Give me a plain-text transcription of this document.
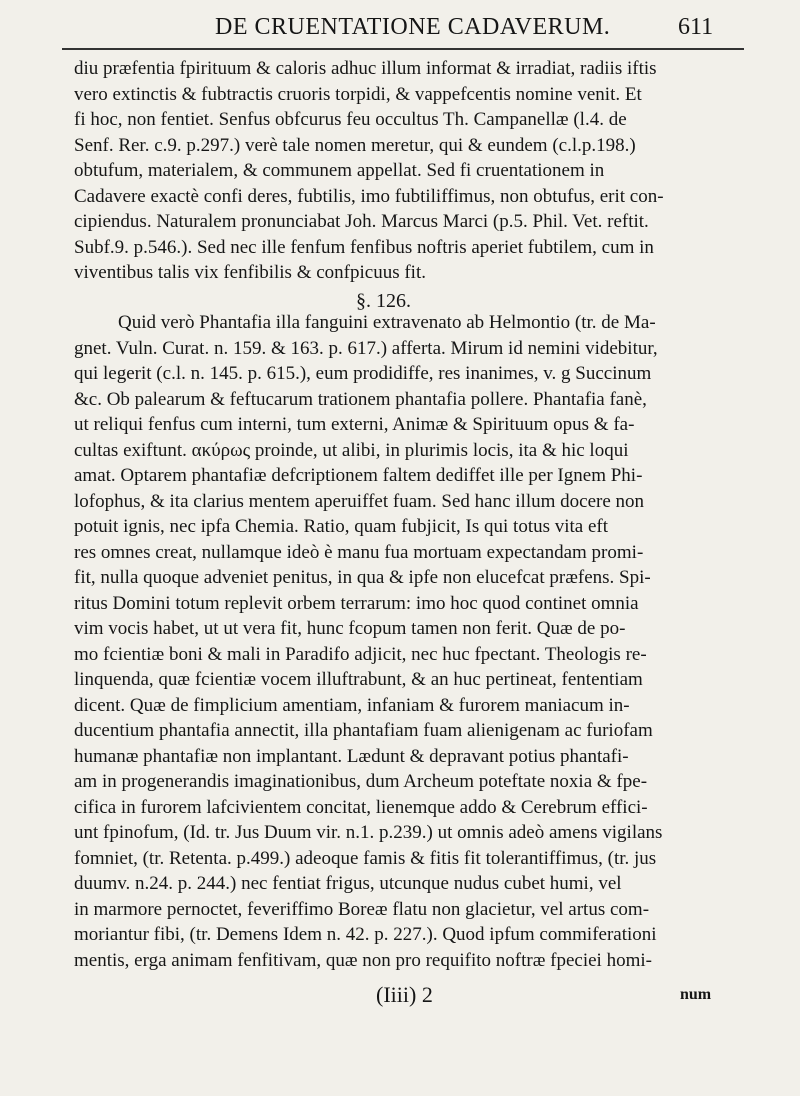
DE CRUENTATIONE CADAVERUM.	611
diu præfentia fpirituum & caloris adhuc illum informat & irradiat, radiis iftis
vero extinctis & fubtractis cruoris torpidi, & vappefcentis nomine venit. Et
fi hoc, non fentiet. Senfus obfcurus feu occultus Th. Campanellæ (l.4. de
Senf. Rer. c.9. p.297.) verè tale nomen meretur, qui & eundem (c.l.p.198.)
obtufum, materialem, & communem appellat. Sed fi cruentationem in
Cadavere exactè confi deres, fubtilis, imo fubtiliffimus, non obtufus, erit con-
cipiendus. Naturalem pronunciabat Joh. Marcus Marci (p.5. Phil. Vet. reftit.
Subf.9. p.546.). Sed nec ille fenfum fenfibus noftris aperiet fubtilem, cum in
viventibus talis vix fenfibilis & confpicuus fit.
§. 126.
Quid verò Phantafia illa fanguini extravenato ab Helmontio (tr. de Ma-
gnet. Vuln. Curat. n. 159. & 163. p. 617.) afferta. Mirum id nemini videbitur,
qui legerit (c.l. n. 145. p. 615.), eum prodidiffe, res inanimes, v. g Succinum
&c. Ob palearum & feftucarum trationem phantafia pollere. Phantafia fanè,
ut reliqui fenfus cum interni, tum externi, Animæ & Spirituum opus & fa-
cultas exiftunt. ακύρως proinde, ut alibi, in plurimis locis, ita & hic loqui
amat. Optarem phantafiæ defcriptionem faltem dediffet ille per Ignem Phi-
lofophus, & ita clarius mentem aperuiffet fuam. Sed hanc illum docere non
potuit ignis, nec ipfa Chemia. Ratio, quam fubjicit, Is qui totus vita eft
res omnes creat, nullamque ideò è manu fua mortuam expectandam promi-
fit, nulla quoque adveniet penitus, in qua & ipfe non elucefcat præfens. Spi-
ritus Domini totum replevit orbem terrarum: imo hoc quod continet omnia
vim vocis habet, ut ut vera fit, hunc fcopum tamen non ferit. Quæ de po-
mo fcientiæ boni & mali in Paradifo adjicit, nec huc fpectant. Theologis re-
linquenda, quæ fcientiæ vocem illuftrabunt, & an huc pertineat, fententiam
dicent. Quæ de fimplicium amentiam, infaniam & furorem maniacum in-
ducentium phantafia annectit, illa phantafiam fuam alienigenam ac furiofam
humanæ phantafiæ non implantant. Lædunt & depravant potius phantafi-
am in progenerandis imaginationibus, dum Archeum poteftate noxia & fpe-
cifica in furorem lafcivientem concitat, lienemque addo & Cerebrum effici-
unt fpinofum, (Id. tr. Jus Duum vir. n.1. p.239.) ut omnis adeò amens vigilans
fomniet, (tr. Retenta. p.499.) adeoque famis & fitis fit tolerantiffimus, (tr. jus
duumv. n.24. p. 244.) nec fentiat frigus, utcunque nudus cubet humi, vel
in marmore pernoctet, feveriffimo Boreæ flatu non glacietur, vel artus com-
moriantur fibi, (tr. Demens Idem n. 42. p. 227.). Quod ipfum commiferationi
mentis, erga animam fenfitivam, quæ non pro requifito noftræ fpeciei homi-
(Iiii) 2	num
